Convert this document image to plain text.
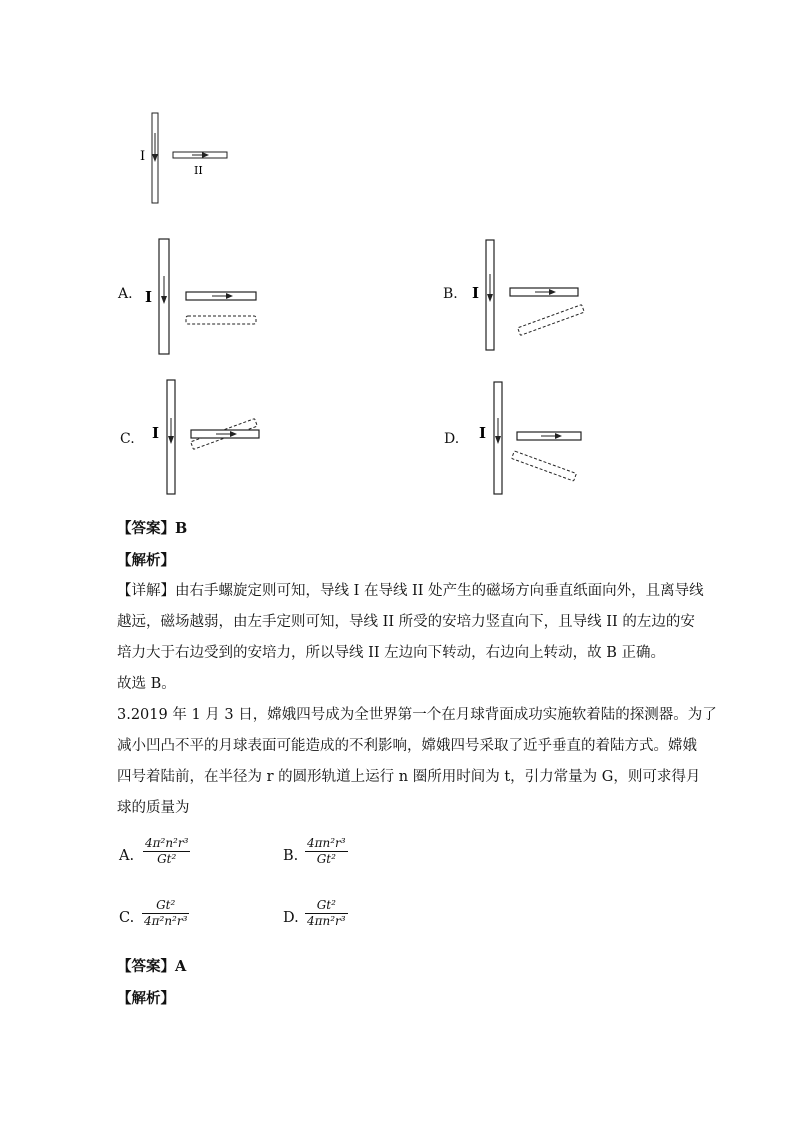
I
II
A. I	B. I
C. I	D. I
【答案】B
【解析】
【详解】由右手螺旋定则可知，导线 I 在导线 II 处产生的磁场方向垂直纸面向外，且离导线
越远，磁场越弱，由左手定则可知，导线 II 所受的安培力竖直向下，且导线 II 的左边的安
培力大于右边受到的安培力，所以导线 II 左边向下转动，右边向上转动，故 B 正确。
故选 B。
3.2019 年 1 月 3 日，嫦娥四号成为全世界第一个在月球背面成功实施软着陆的探测器。为了
减小凹凸不平的月球表面可能造成的不利影响，嫦娥四号采取了近乎垂直的着陆方式。嫦娥
四号着陆前，在半径为 r 的圆形轨道上运行 n 圈所用时间为 t，引力常量为 G，则可求得月
球的质量为
A.
4π²n²r³
Gt²	B.
4πn²r³
Gt²
C.
Gt²
4π²n²r³	D.
Gt²
4πn²r³
【答案】A
【解析】
